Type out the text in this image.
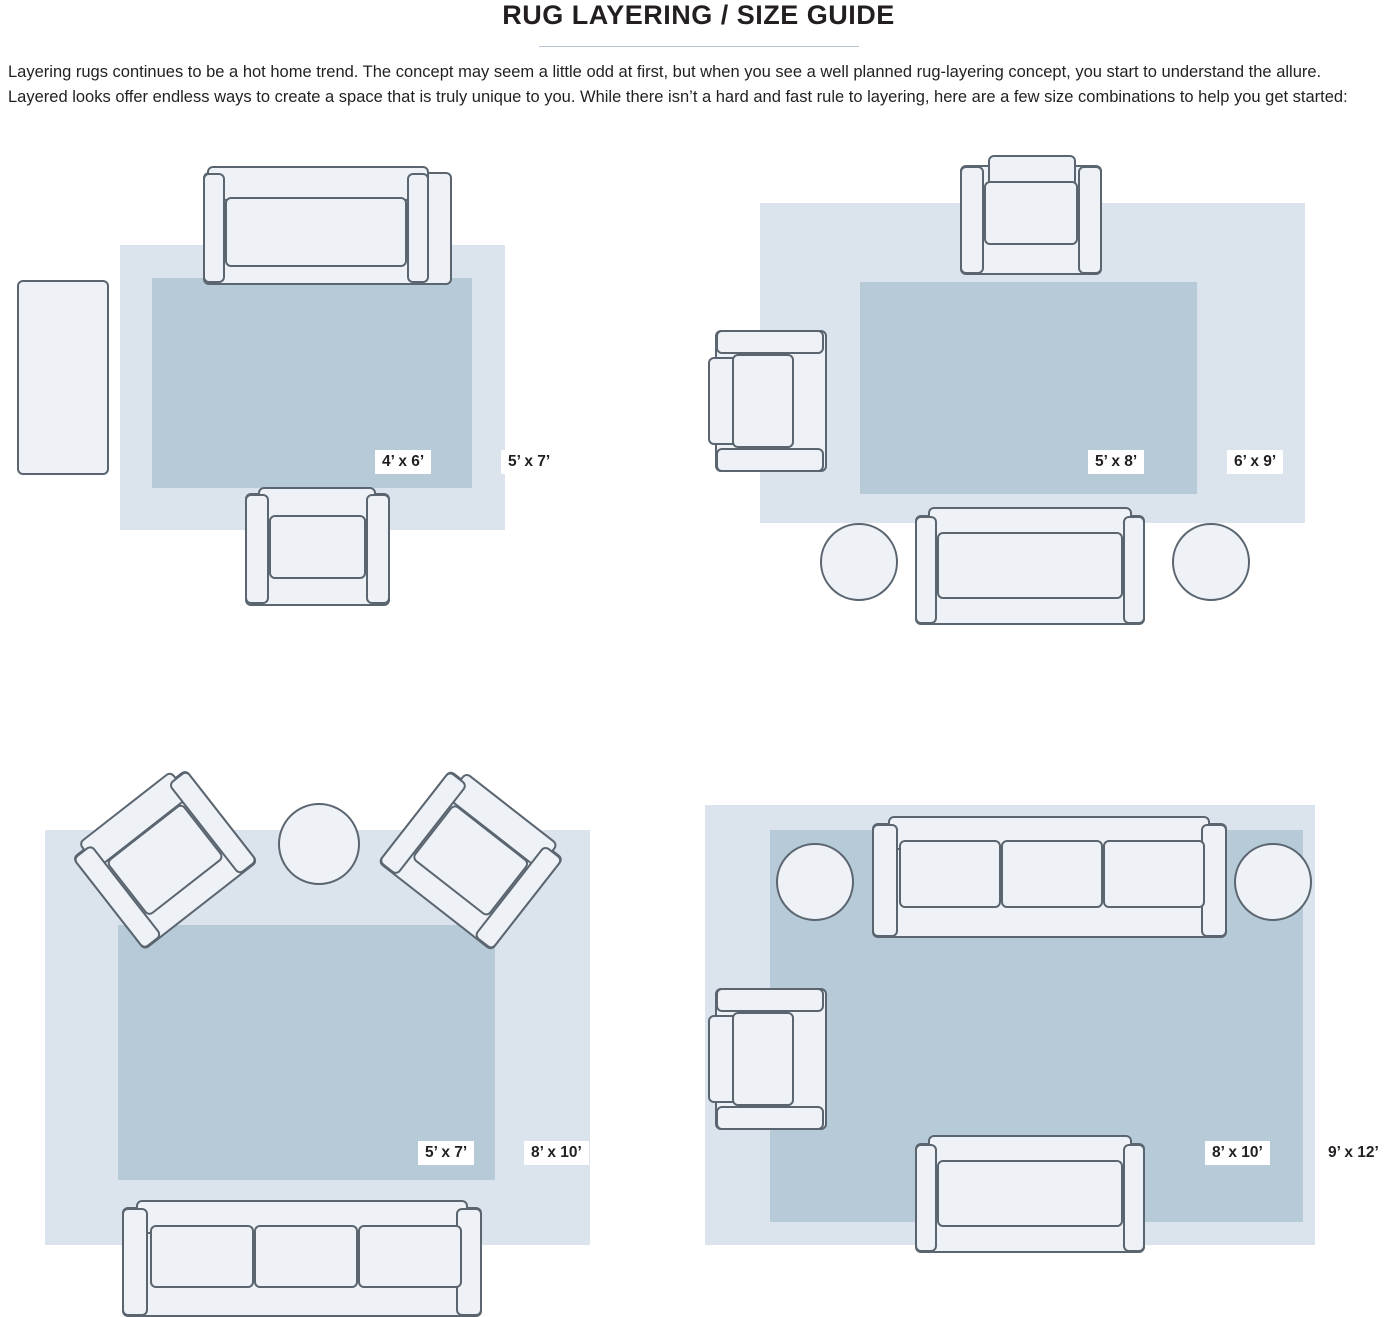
RUG LAYERING / SIZE GUIDE
Layering rugs continues to be a hot home trend. The concept may seem a little odd at first, but when you see a well planned rug-layering concept, you start to understand the allure. Layered looks offer endless ways to create a space that is truly unique to you. While there isn’t a hard and fast rule to layering, here are a few size combinations to help you get started:
4’ x 6’	5’ x 7’	5’ x 8’	6’ x 9’
5’ x 7’	8’ x 10’	8’ x 10’	9’ x 12’
